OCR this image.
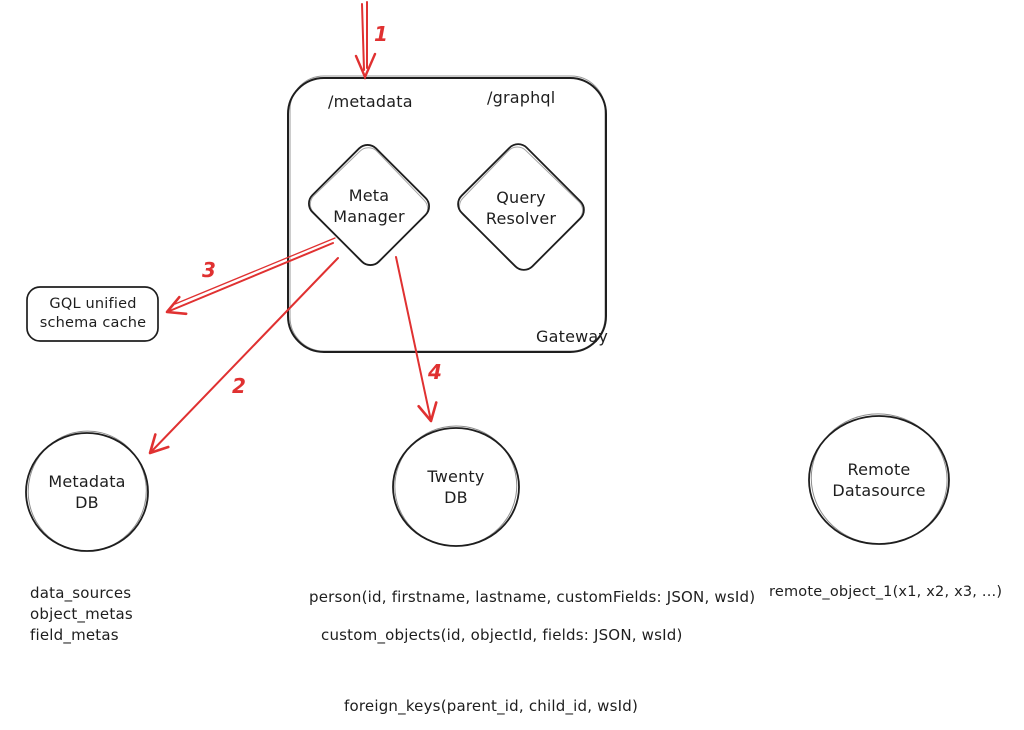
/metadata	/graphql
Meta Manager
Query Resolver
Gateway
GQL unified schema cache
Metadata DB
Twenty DB
Remote Datasource
data_sources
object_metas
field_metas
person(id, firstname, lastname, customFields: JSON, wsId)
custom_objects(id, objectId, fields: JSON, wsId)
foreign_keys(parent_id, child_id, wsId)
remote_object_1(x1, x2, x3, ...)
1
2
3
4
